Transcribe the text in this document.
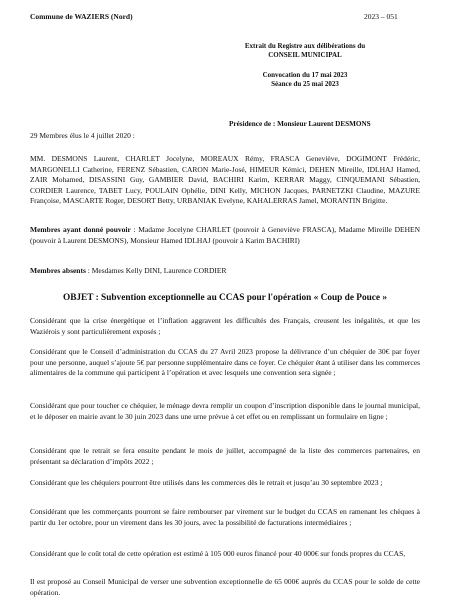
Commune de WAZIERS (Nord)	2023 – 051
Extrait du Registre aux délibérations du
CONSEIL MUNICIPAL
Convocation du 17 mai 2023
Séance du 25 mai 2023
Présidence de : Monsieur Laurent DESMONS
29 Membres élus le 4 juillet 2020 :
MM. DESMONS Laurent, CHARLET Jocelyne, MOREAUX Rémy, FRASCA Geneviève, DOGIMONT Frédéric, MARGONELLI Catherine, FERENZ Sébastien, CARON Marie-José, HIMEUR Kémici, DEHEN Mireille, IDLHAJ Hamed, ZAIR Mohamed, DISASSINI Guy, GAMBIER David, BACHIRI Karim, KERRAR Maggy, CINQUEMANI Sébastien, CORDIER Laurence, TABET Lucy, POULAIN Ophélie, DINI Kelly, MICHON Jacques, PARNETZKI Claudine, MAZURE Françoise, MASCARTE Roger, DESORT Betty, URBANIAK Evelyne, KAHALERRAS Jamel, MORANTIN Brigitte.
Membres ayant donné pouvoir : Madame Jocelyne CHARLET (pouvoir à Geneviève FRASCA), Madame Mireille DEHEN (pouvoir à Laurent DESMONS), Monsieur Hamed IDLHAJ (pouvoir à Karim BACHIRI)
Membres absents : Mesdames Kelly DINI, Laurence CORDIER
OBJET : Subvention exceptionnelle au CCAS pour l'opération « Coup de Pouce »
Considérant que la crise énergétique et l’inflation aggravent les difficultés des Français, creusent les inégalités, et que les Waziérois y sont particulièrement exposés ;
Considérant que le Conseil d’administration du CCAS du 27 Avril 2023 propose la délivrance d’un chéquier de 30€ par foyer pour une personne, auquel s’ajoute 5€ par personne supplémentaire dans ce foyer. Ce chéquier étant à utiliser dans les commerces alimentaires de la commune qui participent à l’opération et avec lesquels une convention sera signée ;
Considérant que pour toucher ce chéquier, le ménage devra remplir un coupon d’inscription disponible dans le journal municipal, et le déposer en mairie avant le 30 juin 2023 dans une urne prévue à cet effet ou en remplissant un formulaire en ligne ;
Considérant que le retrait se fera ensuite pendant le mois de juillet, accompagné de la liste des commerces partenaires, en présentant sa déclaration d’impôts 2022 ;
Considérant que les chéquiers pourront être utilisés dans les commerces dès le retrait et jusqu’au 30 septembre 2023 ;
Considérant que les commerçants pourront se faire rembourser par virement sur le budget du CCAS en ramenant les chèques à partir du 1er octobre, pour un virement dans les 30 jours, avec la possibilité de facturations intermédiaires ;
Considérant que le coût total de cette opération est estimé à 105 000 euros financé pour 40 000€ sur fonds propres du CCAS,
Il est proposé au Conseil Municipal de verser une subvention exceptionnelle de 65 000€ auprès du CCAS pour le solde de cette opération.
